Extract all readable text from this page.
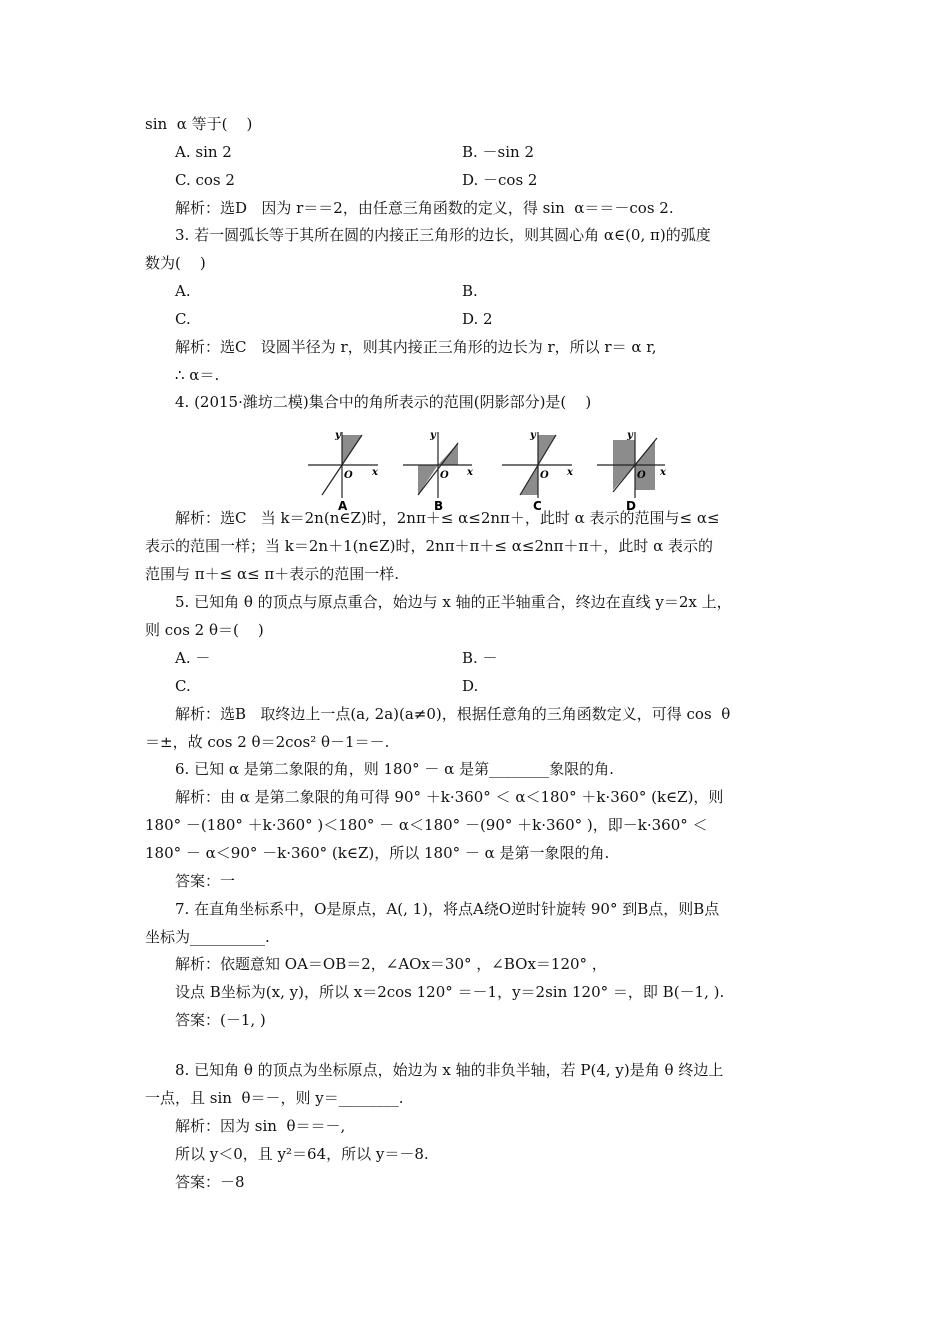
sin  α 等于(    )
A. sin 2	B. －sin 2
C. cos 2	D. －cos 2
解析：选D   因为 r＝＝2，由任意三角函数的定义，得 sin  α＝＝－cos 2.
3. 若一圆弧长等于其所在圆的内接正三角形的边长，则其圆心角 α∈(0, π)的弧度
数为(    )
A.	B.
C.	D. 2
解析：选C   设圆半径为 r，则其内接正三角形的边长为 r，所以 r＝ α r,
∴ α＝.
4. (2015·潍坊二模)集合中的角所表示的范围(阴影部分)是(    )
解析：选C   当 k＝2n(n∈Z)时，2nπ＋≤ α≤2nπ＋，此时 α 表示的范围与≤ α≤
表示的范围一样；当 k＝2n＋1(n∈Z)时，2nπ＋π＋≤ α≤2nπ＋π＋，此时 α 表示的
范围与 π＋≤ α≤ π＋表示的范围一样.
5. 已知角 θ 的顶点与原点重合，始边与 x 轴的正半轴重合，终边在直线 y＝2x 上，
则 cos 2 θ＝(    )
A. －	B. －
C.	D.
解析：选B   取终边上一点(a, 2a)(a≠0)，根据任意角的三角函数定义，可得 cos  θ
＝±，故 cos 2 θ＝2cos² θ－1＝－.
6. 已知 α 是第二象限的角，则 180° － α 是第________象限的角.
解析：由 α 是第二象限的角可得 90° ＋k·360° ＜ α＜180° ＋k·360° (k∈Z)，则
180° －(180° ＋k·360° )＜180° － α＜180° －(90° ＋k·360° )，即－k·360° ＜
180° － α＜90° －k·360° (k∈Z)，所以 180° － α 是第一象限的角.
答案：一
7. 在直角坐标系中，O是原点，A(, 1)，将点A绕O逆时针旋转 90° 到B点，则B点
坐标为__________.
解析：依题意知 OA＝OB＝2，∠AOx＝30° ，∠BOx＝120° ，
设点 B坐标为(x, y)，所以 x＝2cos 120° ＝－1，y＝2sin 120° ＝，即 B(－1, ).
答案：(－1, )
8. 已知角 θ 的顶点为坐标原点，始边为 x 轴的非负半轴，若 P(4, y)是角 θ 终边上
一点，且 sin  θ＝－，则 y＝________.
解析：因为 sin  θ＝＝－,
所以 y＜0，且 y²＝64，所以 y＝－8.
答案：－8
y
x
O
A
y
x
O
B
y
x
O
C
y
x
O
D
